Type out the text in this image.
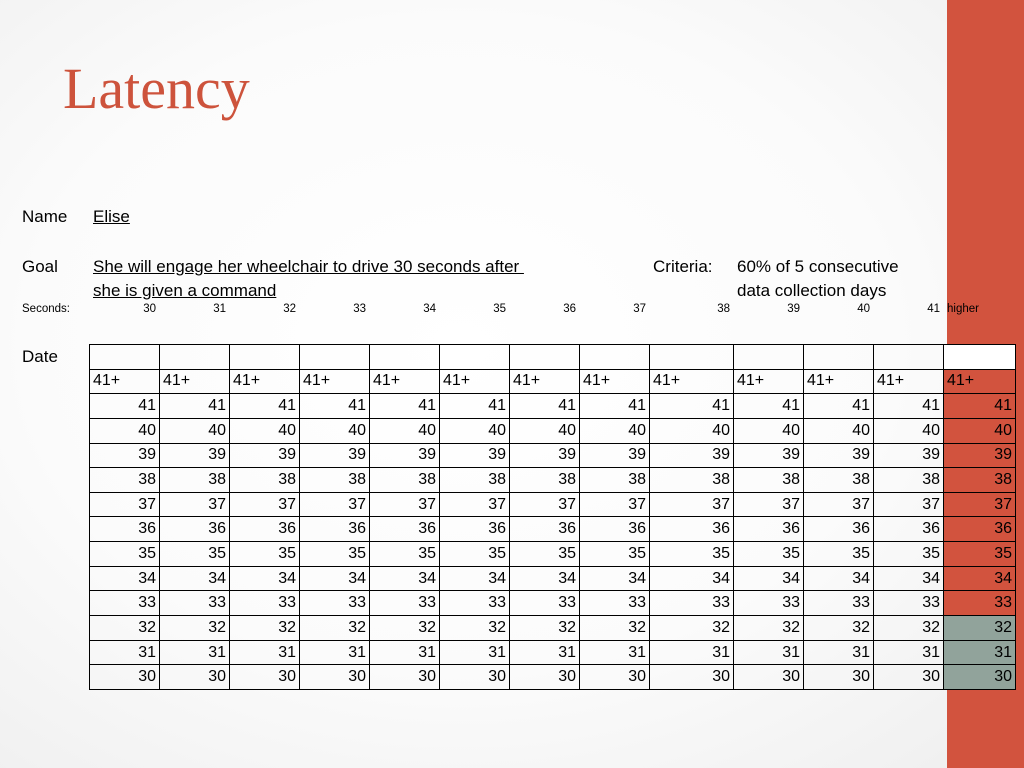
Latency
Name Elise
Goal She will engage her wheelchair to drive 30 seconds after
she is given a command
Criteria: 60% of 5 consecutive
data collection days
Seconds:	30	31	32	33	34	35	36	37	38	39	40	41 higher
Date

41+	41+	41+	41+	41+	41+	41+	41+	41+	41+	41+	41+	41+
41	41	41	41	41	41	41	41	41	41	41	41	41
40	40	40	40	40	40	40	40	40	40	40	40	40
39	39	39	39	39	39	39	39	39	39	39	39	39
38	38	38	38	38	38	38	38	38	38	38	38	38
37	37	37	37	37	37	37	37	37	37	37	37	37
36	36	36	36	36	36	36	36	36	36	36	36	36
35	35	35	35	35	35	35	35	35	35	35	35	35
34	34	34	34	34	34	34	34	34	34	34	34	34
33	33	33	33	33	33	33	33	33	33	33	33	33
32	32	32	32	32	32	32	32	32	32	32	32	32
31	31	31	31	31	31	31	31	31	31	31	31	31
30	30	30	30	30	30	30	30	30	30	30	30	30
